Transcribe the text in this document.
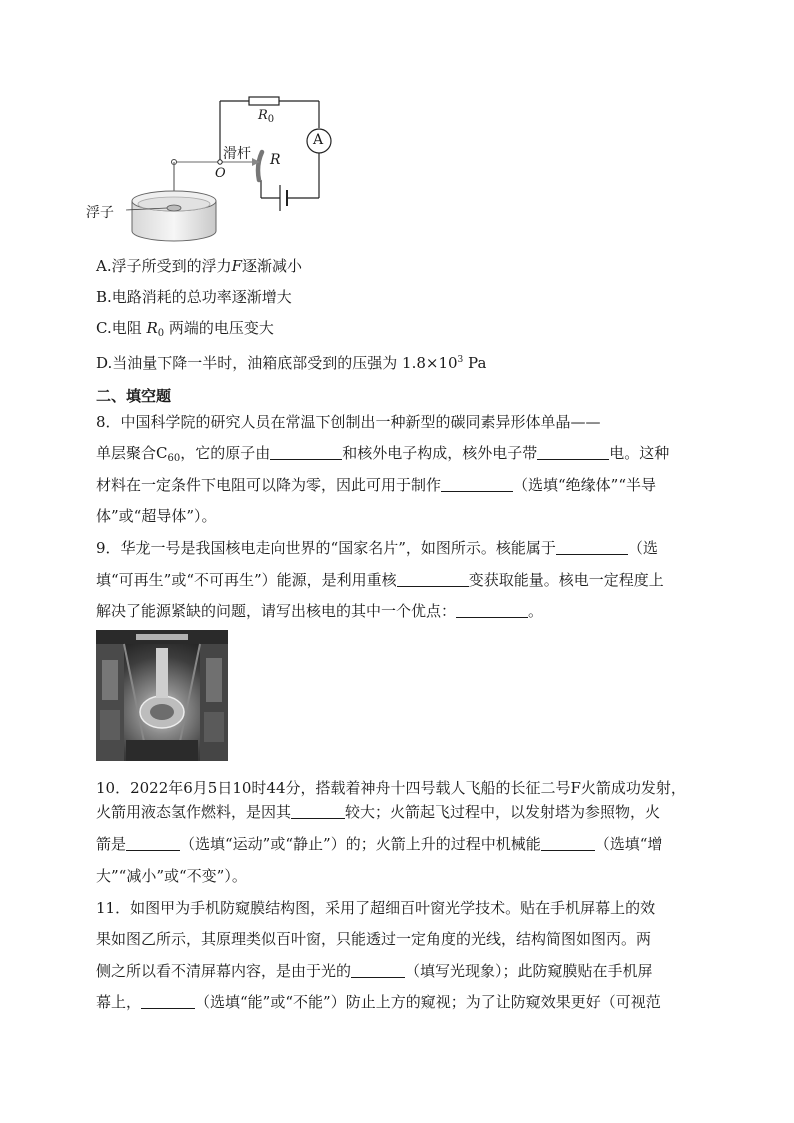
$R_0$
A
滑杆
O
R
浮子
A.浮子所受到的浮力F逐渐减小
B.电路消耗的总功率逐渐增大
C.电阻 $R_0$ 两端的电压变大
D.当油量下降一半时，油箱底部受到的压强为 $1.8\times 10^3$ Pa
二、填空题
8．中国科学院的研究人员在常温下创制出一种新型的碳同素异形体单晶——
单层聚合$C_{60}$，它的原子由	和核外电子构成，核外电子带	电。这种
材料在一定条件下电阻可以降为零，因此可用于制作	（选填“绝缘体”“半导
体”或“超导体”）。
9．华龙一号是我国核电走向世界的“国家名片”，如图所示。核能属于	（选
填“可再生”或“不可再生”）能源，是利用重核	变获取能量。核电一定程度上
解决了能源紧缺的问题，请写出核电的其中一个优点：	。
10．2022年6月5日10时44分，搭载着神舟十四号载人飞船的长征二号F火箭成功发射，
火箭用液态氢作燃料，是因其	较大；火箭起飞过程中，以发射塔为参照物，火
箭是	（选填“运动”或“静止”）的；火箭上升的过程中机械能	（选填“增
大”“减小”或“不变”）。
11．如图甲为手机防窥膜结构图，采用了超细百叶窗光学技术。贴在手机屏幕上的效
果如图乙所示，其原理类似百叶窗，只能透过一定角度的光线，结构简图如图丙。两
侧之所以看不清屏幕内容，是由于光的	（填写光现象）；此防窥膜贴在手机屏
幕上，	（选填“能”或“不能”）防止上方的窥视；为了让防窥效果更好（可视范
